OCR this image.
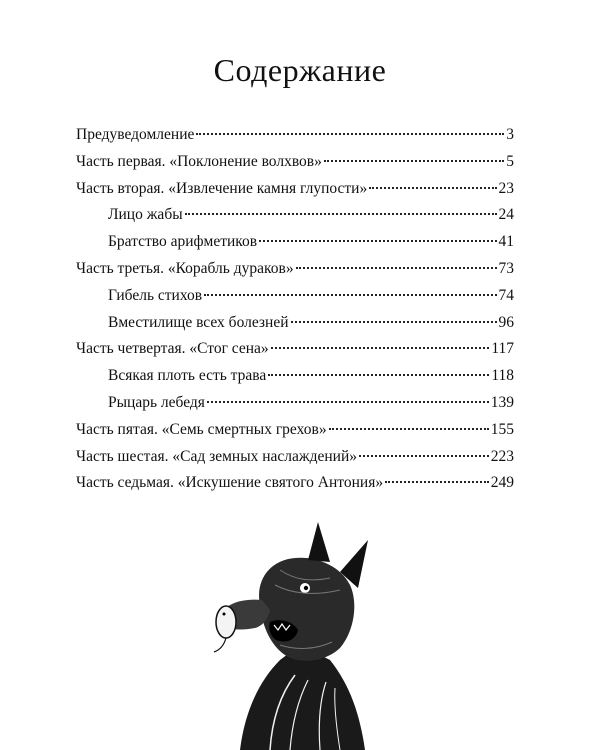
Содержание
Предуведомление	3
Часть первая. «Поклонение волхвов»	5
Часть вторая. «Извлечение камня глупости»	23
Лицо жабы	24
Братство арифметиков	41
Часть третья. «Корабль дураков»	73
Гибель стихов	74
Вместилище всех болезней	96
Часть четвертая. «Стог сена»	117
Всякая плоть есть трава	118
Рыцарь лебедя	139
Часть пятая. «Семь смертных грехов»	155
Часть шестая. «Сад земных наслаждений»	223
Часть седьмая. «Искушение святого Антония»	249
